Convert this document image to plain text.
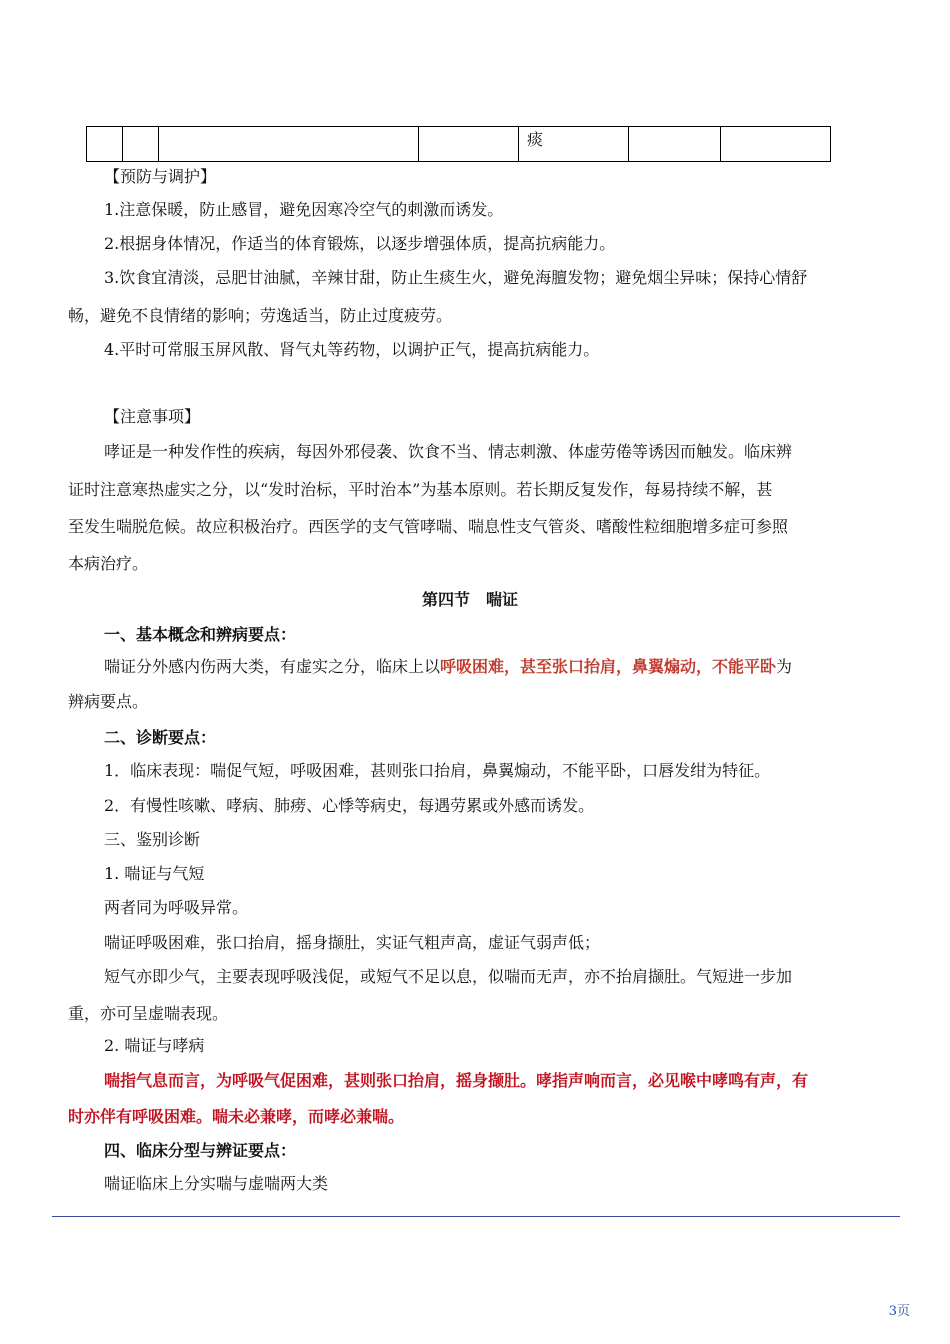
				痰		
【预防与调护】
1.注意保暖，防止感冒，避免因寒冷空气的刺激而诱发。
2.根据身体情况，作适当的体育锻炼，以逐步增强体质，提高抗病能力。
3.饮食宜清淡，忌肥甘油腻，辛辣甘甜，防止生痰生火，避免海膻发物；避免烟尘异味；保持心情舒
畅，避免不良情绪的影响；劳逸适当，防止过度疲劳。
4.平时可常服玉屏风散、肾气丸等药物，以调护正气，提高抗病能力。
【注意事项】
哮证是一种发作性的疾病，每因外邪侵袭、饮食不当、情志刺激、体虚劳倦等诱因而触发。临床辨
证时注意寒热虚实之分，以“发时治标，平时治本”为基本原则。若长期反复发作，每易持续不解，甚
至发生喘脱危候。故应积极治疗。西医学的支气管哮喘、喘息性支气管炎、嗜酸性粒细胞增多症可参照
本病治疗。
第四节　喘证
一、基本概念和辨病要点：
喘证分外感内伤两大类，有虚实之分，临床上以呼吸困难，甚至张口抬肩，鼻翼煽动，不能平卧为
辨病要点。
二、诊断要点：
1．临床表现：喘促气短，呼吸困难，甚则张口抬肩，鼻翼煽动，不能平卧，口唇发绀为特征。
2．有慢性咳嗽、哮病、肺痨、心悸等病史，每遇劳累或外感而诱发。
三、鉴别诊断
1. 喘证与气短
两者同为呼吸异常。
喘证呼吸困难，张口抬肩，摇身撷肚，实证气粗声高，虚证气弱声低；
短气亦即少气，主要表现呼吸浅促，或短气不足以息，似喘而无声，亦不抬肩撷肚。气短进一步加
重，亦可呈虚喘表现。
2. 喘证与哮病
喘指气息而言，为呼吸气促困难，甚则张口抬肩，摇身撷肚。哮指声响而言，必见喉中哮鸣有声，有
时亦伴有呼吸困难。喘未必兼哮，而哮必兼喘。
四、临床分型与辨证要点：
喘证临床上分实喘与虚喘两大类
3页
